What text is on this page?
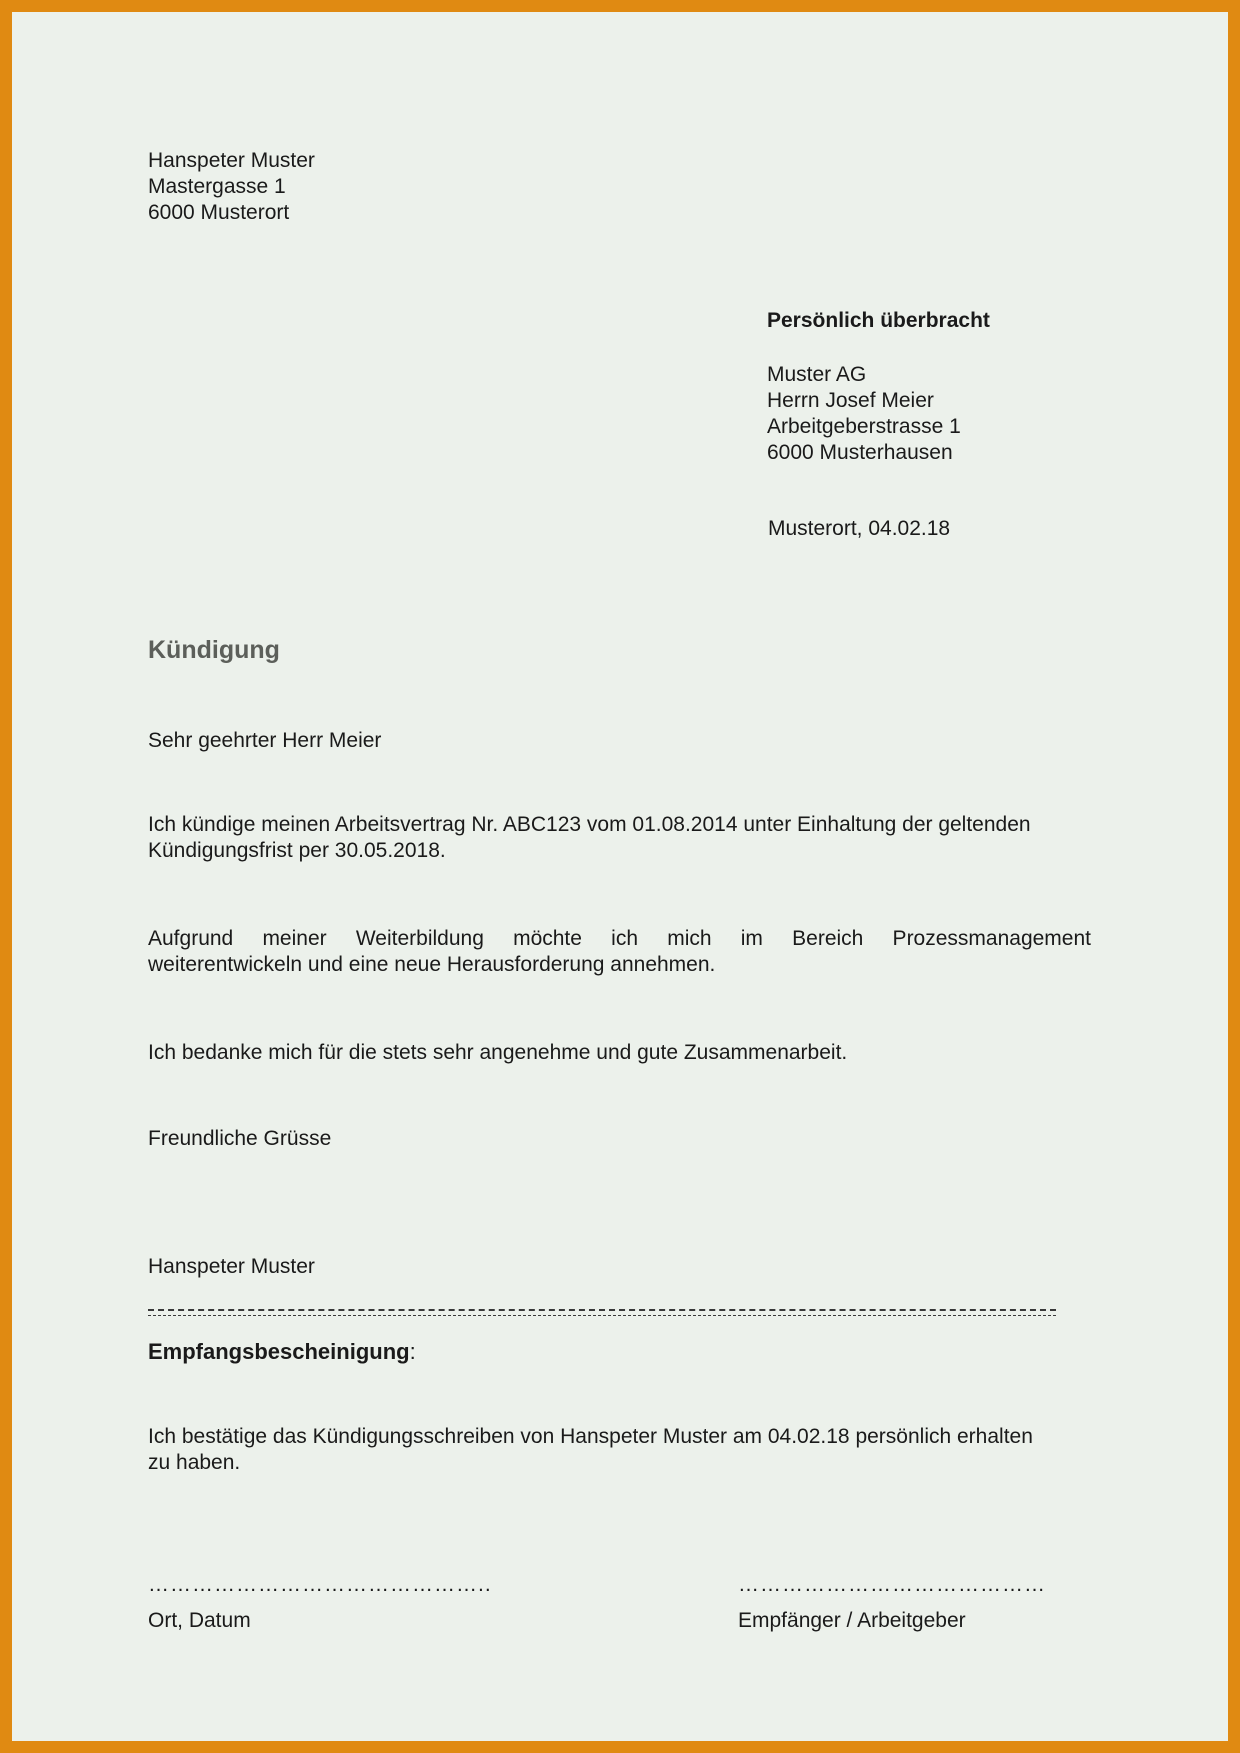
Hanspeter Muster
Mastergasse 1
6000 Musterort
Persönlich überbracht
Muster AG
Herrn Josef Meier
Arbeitgeberstrasse 1
6000 Musterhausen
Musterort, 04.02.18
Kündigung
Sehr geehrter Herr Meier
Ich kündige meinen Arbeitsvertrag Nr. ABC123 vom 01.08.2014 unter Einhaltung der geltenden
Kündigungsfrist per 30.05.2018.
Aufgrund meiner Weiterbildung möchte ich mich im Bereich Prozessmanagement
weiterentwickeln und eine neue Herausforderung annehmen.
Ich bedanke mich für die stets sehr angenehme und gute Zusammenarbeit.
Freundliche Grüsse
Hanspeter Muster
Empfangsbescheinigung:
Ich bestätige das Kündigungsschreiben von Hanspeter Muster am 04.02.18 persönlich erhalten
zu haben.
………………………………………..	……………………………………
Ort, Datum	Empfänger / Arbeitgeber
